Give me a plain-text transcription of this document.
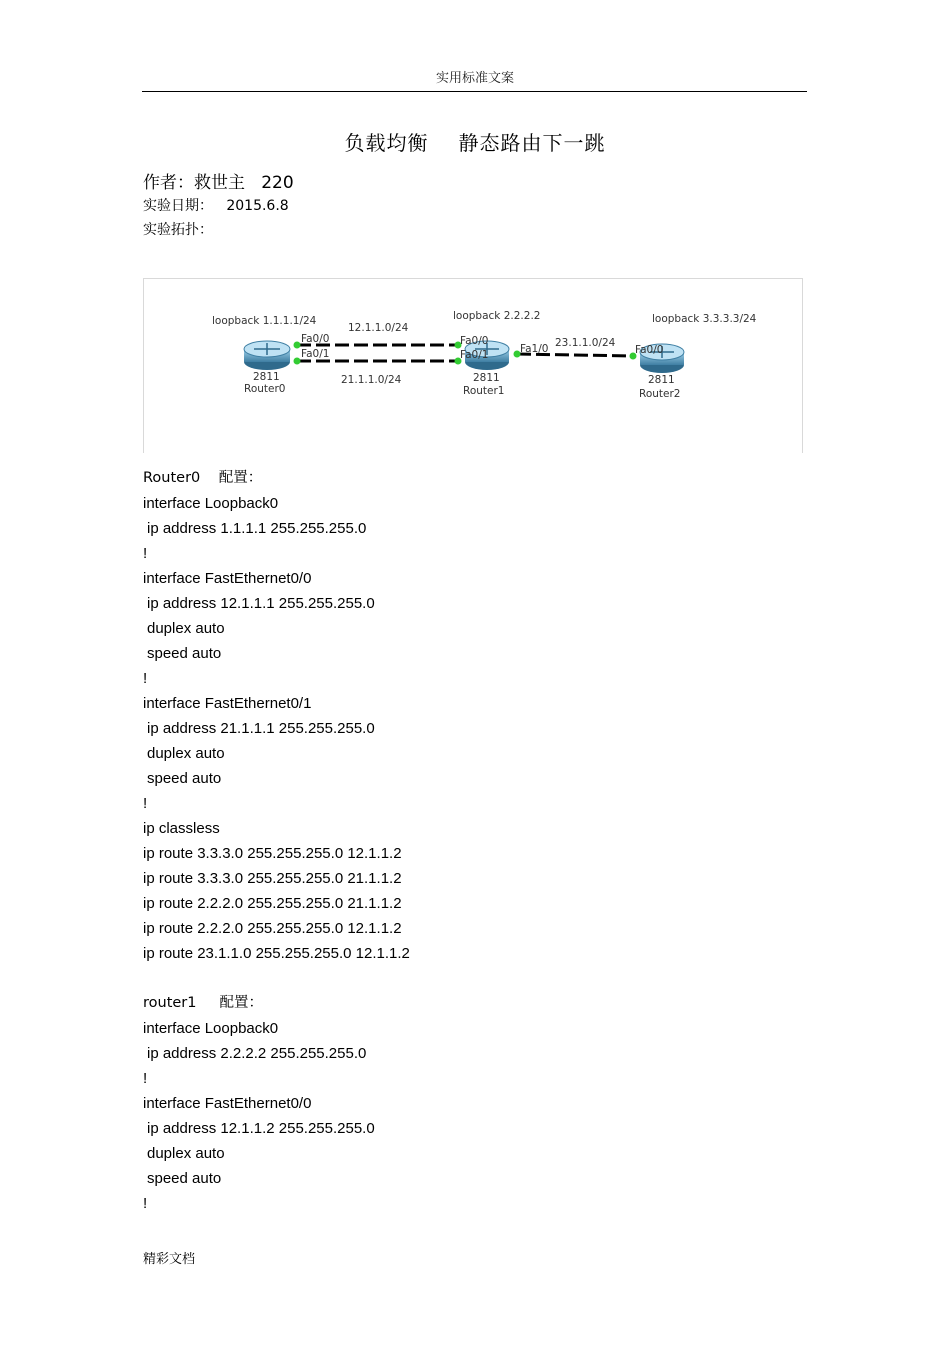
实用标准文案
负载均衡 静态路由下一跳
作者：救世主   220
实验日期：   2015.6.8
实验拓扑：
loopback 1.1.1.1/24
Fa0/0
Fa0/1
2811
Router0
12.1.1.0/24
21.1.1.0/24
loopback 2.2.2.2
Fa0/0
Fa0/1	Fa1/0
2811
Router1
23.1.1.0/24
loopback 3.3.3.3/24
Fa0/0
2811
Router2
Router0    配置：
interface Loopback0
ip address 1.1.1.1 255.255.255.0
!
interface FastEthernet0/0
ip address 12.1.1.1 255.255.255.0
duplex auto
speed auto
!
interface FastEthernet0/1
ip address 21.1.1.1 255.255.255.0
duplex auto
speed auto
!
ip classless
ip route 3.3.3.0 255.255.255.0 12.1.1.2
ip route 3.3.3.0 255.255.255.0 21.1.1.2
ip route 2.2.2.0 255.255.255.0 21.1.1.2
ip route 2.2.2.0 255.255.255.0 12.1.1.2
ip route 23.1.1.0 255.255.255.0 12.1.1.2
router1     配置：
interface Loopback0
ip address 2.2.2.2 255.255.255.0
!
interface FastEthernet0/0
ip address 12.1.1.2 255.255.255.0
duplex auto
speed auto
!
精彩文档
